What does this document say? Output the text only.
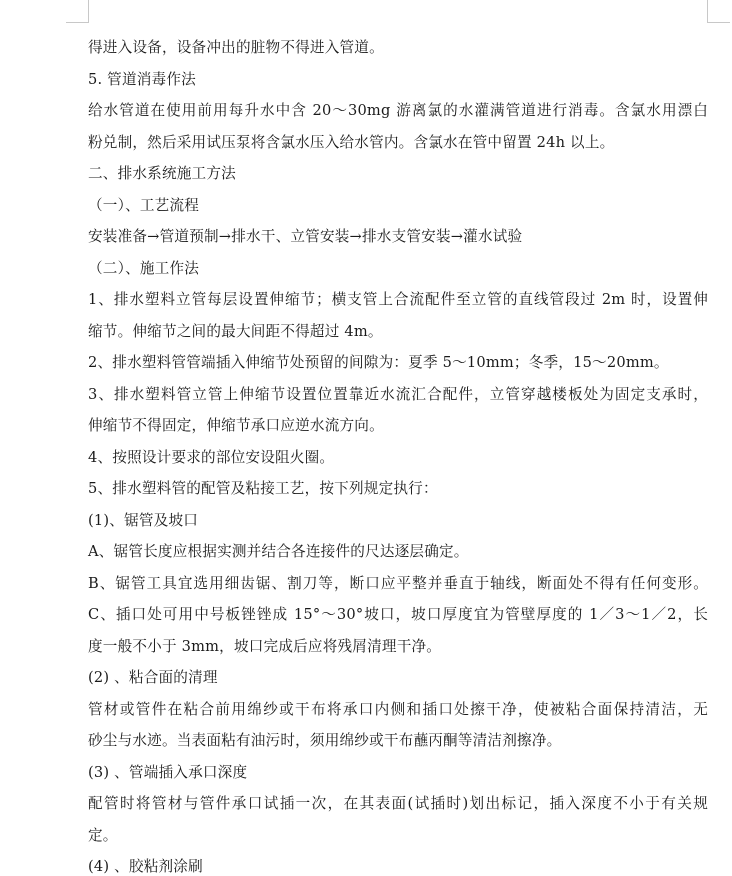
得进入设备，设备冲出的脏物不得进入管道。
5. 管道消毒作法
给水管道在使用前用每升水中含 20～30mg 游离氯的水灌满管道进行消毒。含氯水用漂白
粉兑制，然后采用试压泵将含氯水压入给水管内。含氯水在管中留置 24h 以上。
二、排水系统施工方法
（一）、工艺流程
安装准备→管道预制→排水干、立管安装→排水支管安装→灌水试验
（二）、施工作法
1、排水塑料立管每层设置伸缩节；横支管上合流配件至立管的直线管段过 2m 时，设置伸
缩节。伸缩节之间的最大间距不得超过 4m。
2、排水塑料管管端插入伸缩节处预留的间隙为：夏季 5～10mm；冬季，15～20mm。
3、排水塑料管立管上伸缩节设置位置靠近水流汇合配件，立管穿越楼板处为固定支承时，
伸缩节不得固定，伸缩节承口应逆水流方向。
4、按照设计要求的部位安设阻火圈。
5、排水塑料管的配管及粘接工艺，按下列规定执行：
(1)、锯管及坡口
A、锯管长度应根据实测并结合各连接件的尺达逐层确定。
B、锯管工具宜选用细齿锯、割刀等，断口应平整并垂直于轴线，断面处不得有任何变形。
C、插口处可用中号板锉锉成 15°～30°坡口，坡口厚度宜为管壁厚度的 1／3～1／2，长
度一般不小于 3mm，坡口完成后应将残屑清理干净。
(2) 、粘合面的清理
管材或管件在粘合前用绵纱或干布将承口内侧和插口处擦干净，使被粘合面保持清洁，无
砂尘与水迹。当表面粘有油污时，须用绵纱或干布蘸丙酮等清洁剂擦净。
(3) 、管端插入承口深度
配管时将管材与管件承口试插一次，在其表面(试插时)划出标记，插入深度不小于有关规
定。
(4) 、胶粘剂涂刷
